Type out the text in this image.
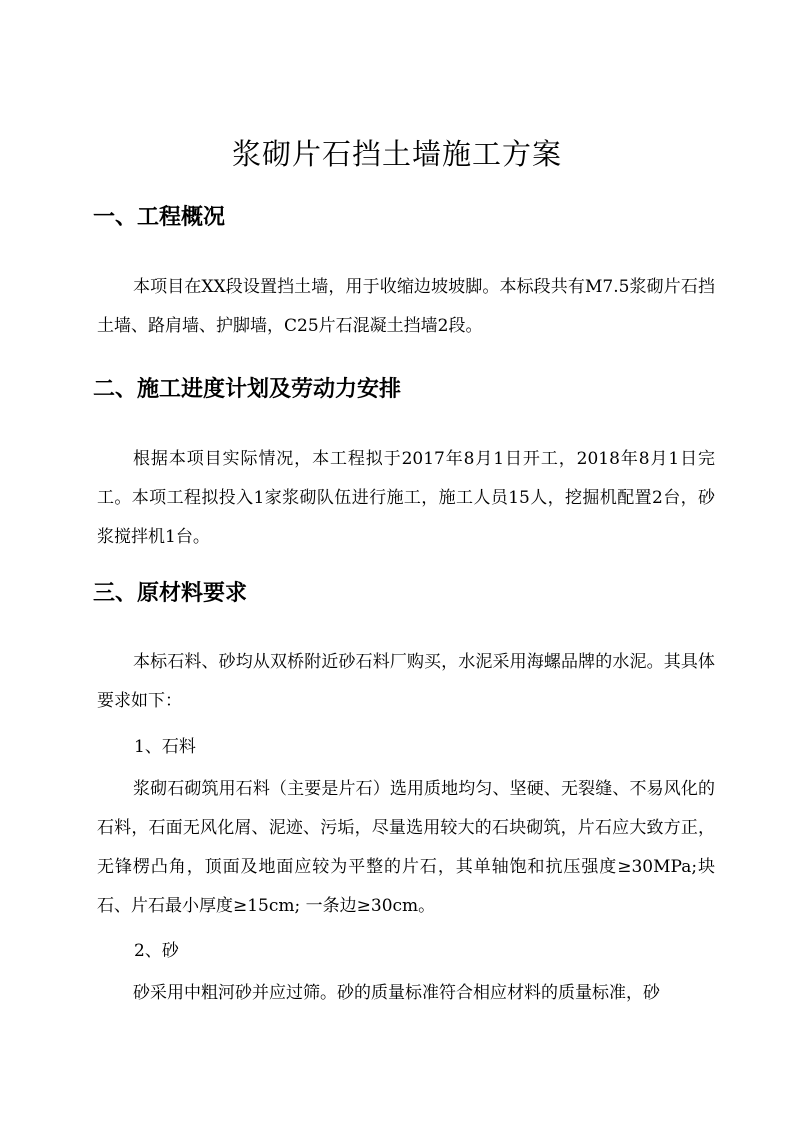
浆砌片石挡土墙施工方案
一、工程概况
本项目在XX段设置挡土墙，用于收缩边坡坡脚。本标段共有M7.5浆砌片石挡土墙、路肩墙、护脚墙，C25片石混凝土挡墙2段。
二、施工进度计划及劳动力安排
根据本项目实际情况，本工程拟于2017年8月1日开工，2018年8月1日完工。本项工程拟投入1家浆砌队伍进行施工，施工人员15人，挖掘机配置2台，砂浆搅拌机1台。
三、原材料要求
本标石料、砂均从双桥附近砂石料厂购买，水泥采用海螺品牌的水泥。其具体要求如下：
1、石料
浆砌石砌筑用石料（主要是片石）选用质地均匀、坚硬、无裂缝、不易风化的石料，石面无风化屑、泥迹、污垢，尽量选用较大的石块砌筑，片石应大致方正，无锋楞凸角，顶面及地面应较为平整的片石，其单轴饱和抗压强度≥30MPa;块石、片石最小厚度≥15cm; 一条边≥30cm。
2、砂
砂采用中粗河砂并应过筛。砂的质量标准符合相应材料的质量标准，砂
